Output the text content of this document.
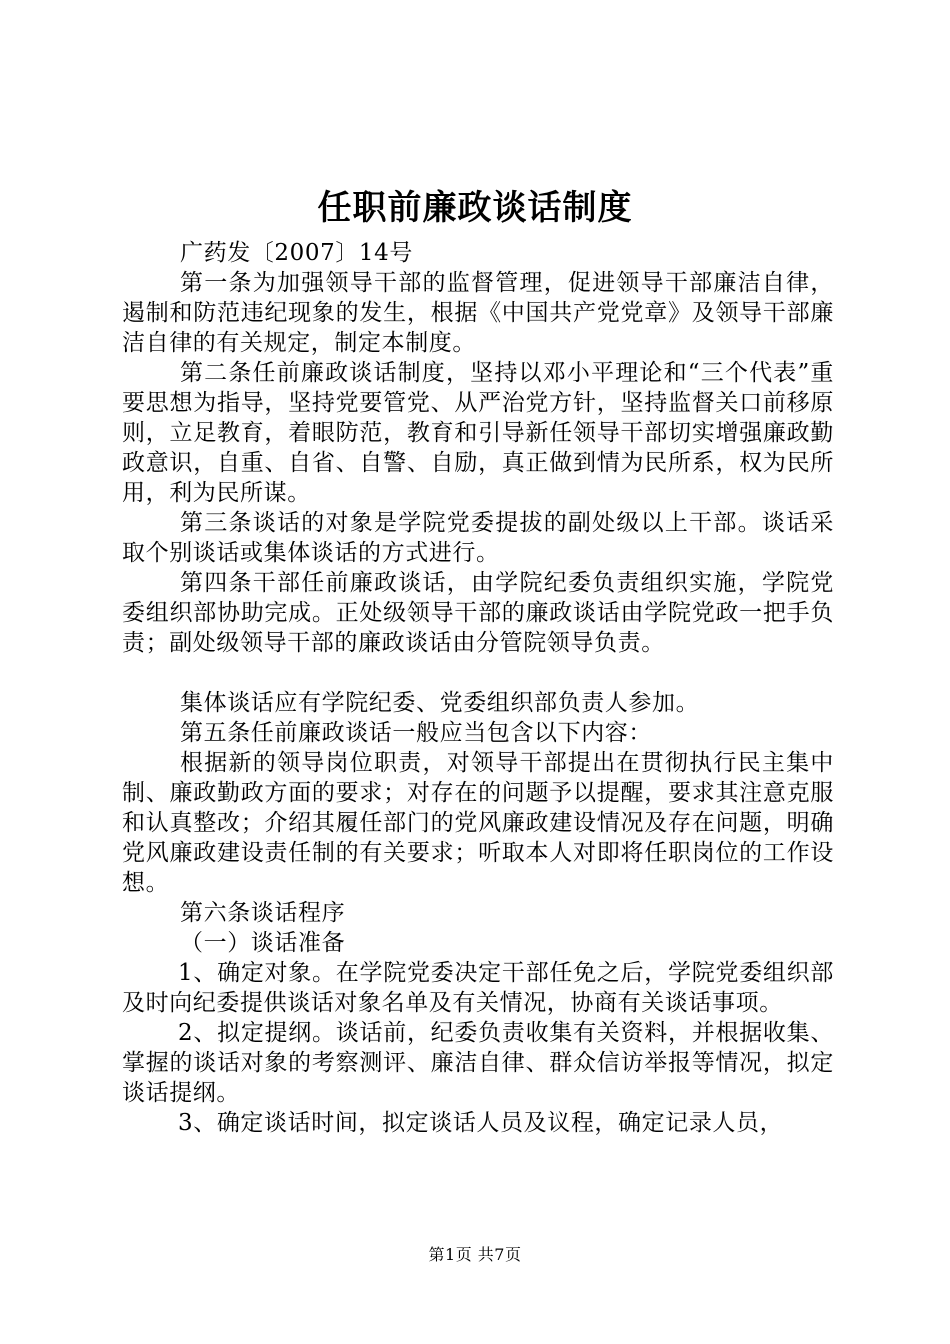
任职前廉政谈话制度

广药发〔2007〕14号

第一条为加强领导干部的监督管理，促进领导干部廉洁自律，遏制和防范违纪现象的发生，根据《中国共产党党章》及领导干部廉洁自律的有关规定，制定本制度。

第二条任前廉政谈话制度，坚持以邓小平理论和“三个代表”重要思想为指导，坚持党要管党、从严治党方针，坚持监督关口前移原则，立足教育，着眼防范，教育和引导新任领导干部切实增强廉政勤政意识，自重、自省、自警、自励，真正做到情为民所系，权为民所用，利为民所谋。

第三条谈话的对象是学院党委提拔的副处级以上干部。谈话采取个别谈话或集体谈话的方式进行。

第四条干部任前廉政谈话，由学院纪委负责组织实施，学院党委组织部协助完成。正处级领导干部的廉政谈话由学院党政一把手负责；副处级领导干部的廉政谈话由分管院领导负责。

集体谈话应有学院纪委、党委组织部负责人参加。

第五条任前廉政谈话一般应当包含以下内容：

根据新的领导岗位职责，对领导干部提出在贯彻执行民主集中制、廉政勤政方面的要求；对存在的问题予以提醒，要求其注意克服和认真整改；介绍其履任部门的党风廉政建设情况及存在问题，明确党风廉政建设责任制的有关要求；听取本人对即将任职岗位的工作设想。

第六条谈话程序

（一）谈话准备

1、确定对象。在学院党委决定干部任免之后，学院党委组织部及时向纪委提供谈话对象名单及有关情况，协商有关谈话事项。

2、拟定提纲。谈话前，纪委负责收集有关资料，并根据收集、掌握的谈话对象的考察测评、廉洁自律、群众信访举报等情况，拟定谈话提纲。

3、确定谈话时间，拟定谈话人员及议程，确定记录人员，

第1页 共7页
